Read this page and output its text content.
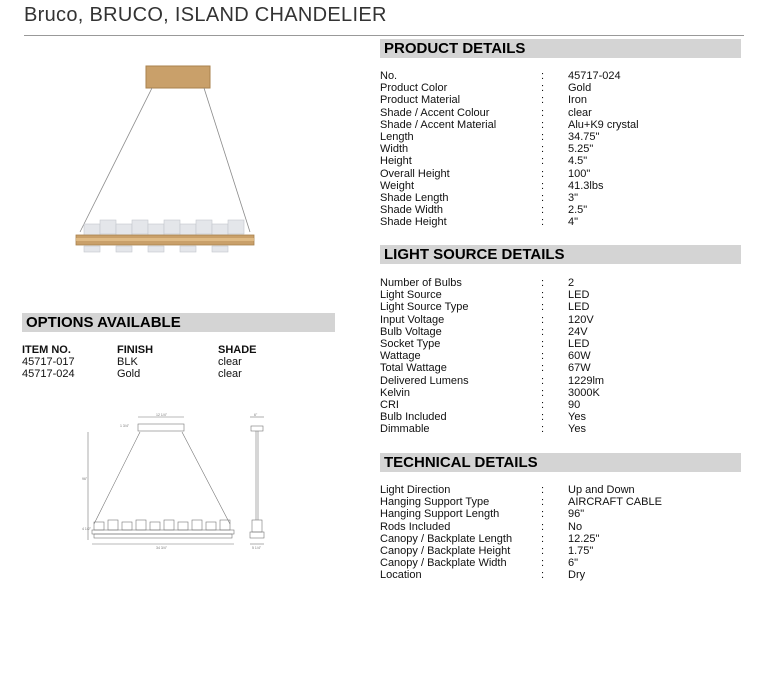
Bruco, BRUCO, ISLAND CHANDELIER
OPTIONS AVAILABLE
ITEM NO.	FINISH	SHADE
45717-017	BLK	clear
45717-024	Gold	clear
12 1/4"
1 3/4"
96"
4 1/2"
34 3/4"
6"
5 1/4"
PRODUCT DETAILS
No.	: 45717-024
Product Color	: Gold
Product Material	: Iron
Shade / Accent Colour	: clear
Shade / Accent Material	: Alu+K9 crystal
Length	: 34.75"
Width	: 5.25"
Height	: 4.5"
Overall Height	: 100"
Weight	: 41.3lbs
Shade Length	: 3"
Shade Width	: 2.5"
Shade Height	: 4"
LIGHT SOURCE DETAILS
Number of Bulbs	: 2
Light Source	: LED
Light Source Type	: LED
Input Voltage	: 120V
Bulb Voltage	: 24V
Socket Type	: LED
Wattage	: 60W
Total Wattage	: 67W
Delivered Lumens	: 1229lm
Kelvin	: 3000K
CRI	: 90
Bulb Included	: Yes
Dimmable	: Yes
TECHNICAL DETAILS
Light Direction	: Up and Down
Hanging Support Type	: AIRCRAFT CABLE
Hanging Support Length	: 96"
Rods Included	: No
Canopy / Backplate Length	: 12.25"
Canopy / Backplate Height	: 1.75"
Canopy / Backplate Width	: 6"
Location	: Dry
